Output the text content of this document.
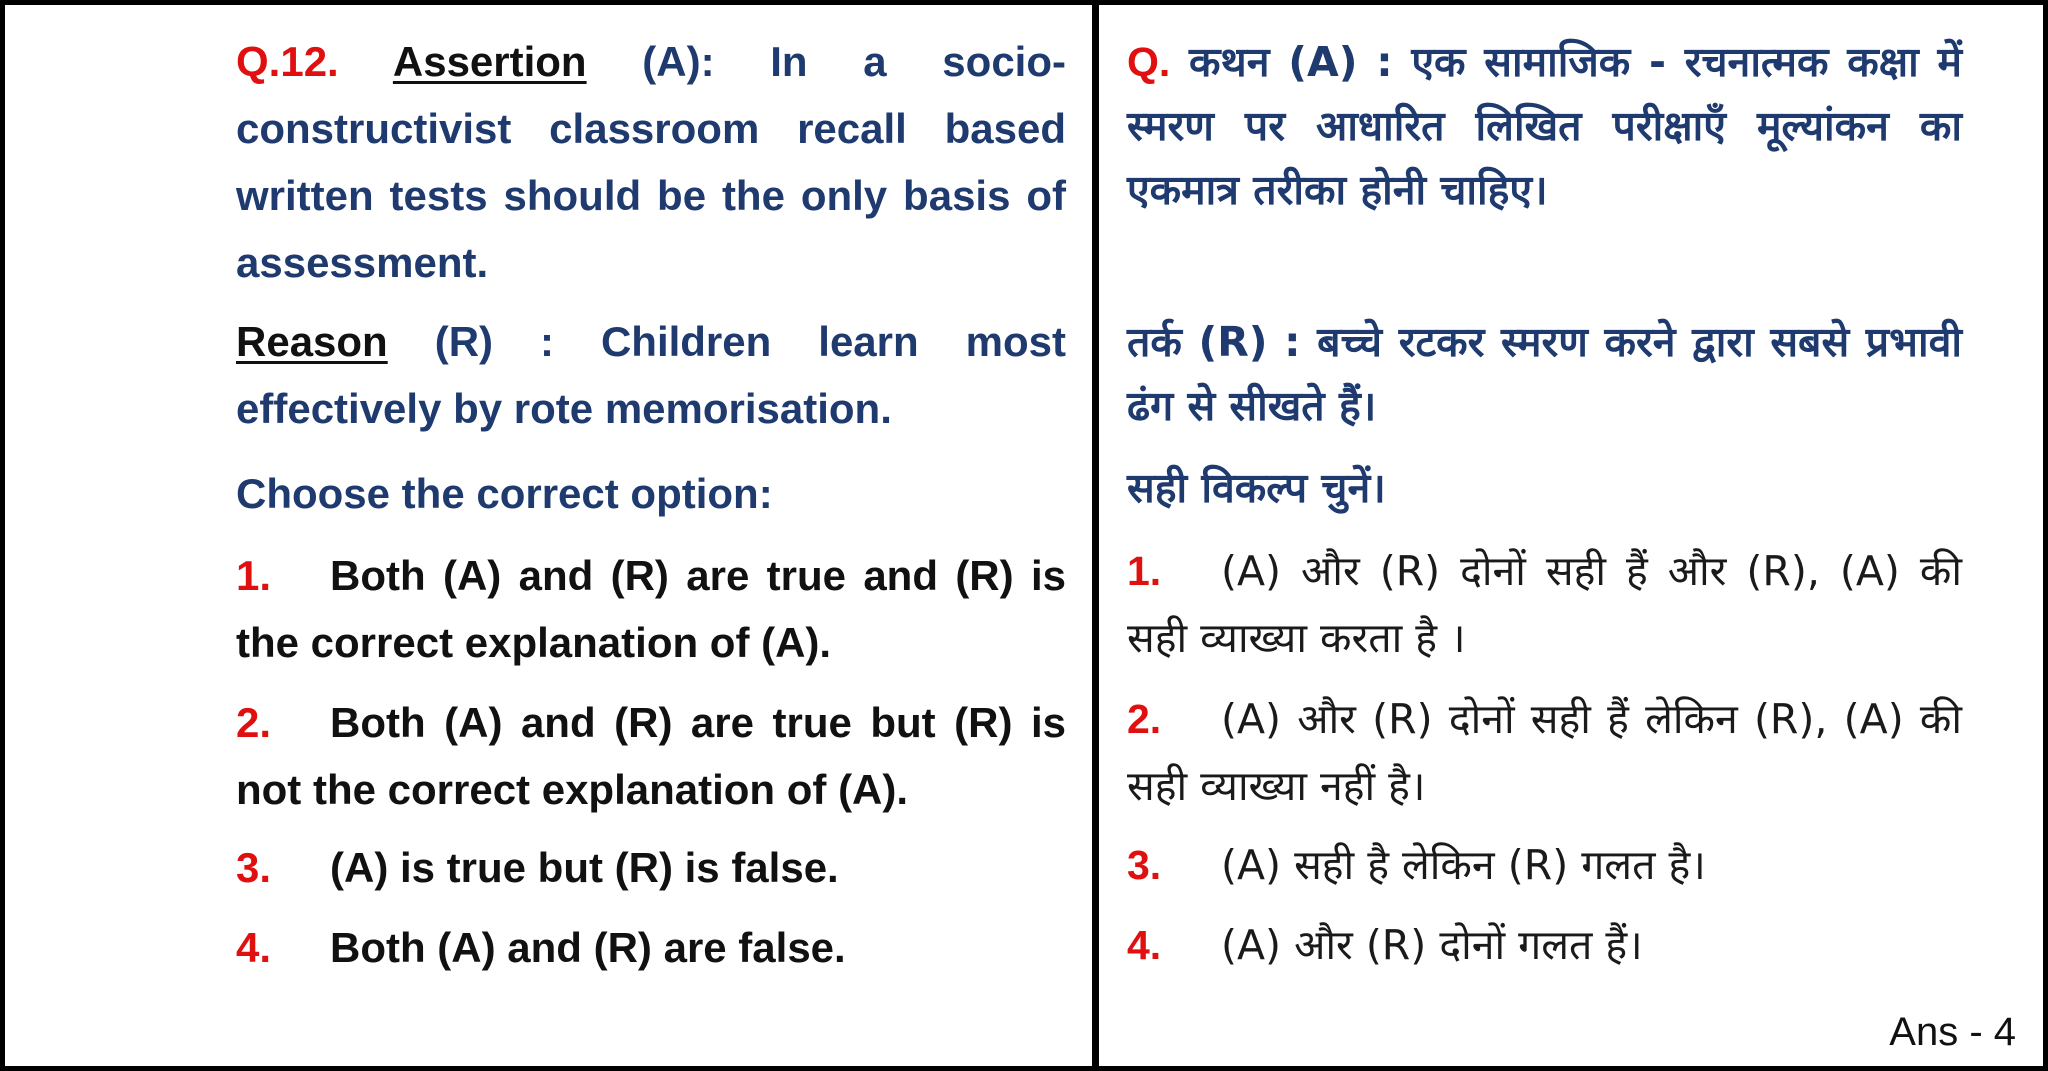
Q.12. Assertion (A): In a socio-constructivist classroom recall based written tests should be the only basis of assessment.
Reason (R) : Children learn most effectively by rote memorisation.
Choose the correct option:
1. Both (A) and (R) are true and (R) is the correct explanation of (A).
2. Both (A) and (R) are true but (R) is not the correct explanation of (A).
3. (A) is true but (R) is false.
4. Both (A) and (R) are false.
Q. कथन (A) : एक सामाजिक - रचनात्मक कक्षा में स्मरण पर आधारित लिखित परीक्षाएँ मूल्यांकन का एकमात्र तरीका होनी चाहिए।
तर्क (R) : बच्चे रटकर स्मरण करने द्वारा सबसे प्रभावी ढंग से सीखते हैं।
सही विकल्प चुनें।
1. (A) और (R) दोनों सही हैं और (R), (A) की सही व्याख्या करता है ।
2. (A) और (R) दोनों सही हैं लेकिन (R), (A) की सही व्याख्या नहीं है।
3. (A) सही है लेकिन (R) गलत है।
4. (A) और (R) दोनों गलत हैं।
Ans - 4
